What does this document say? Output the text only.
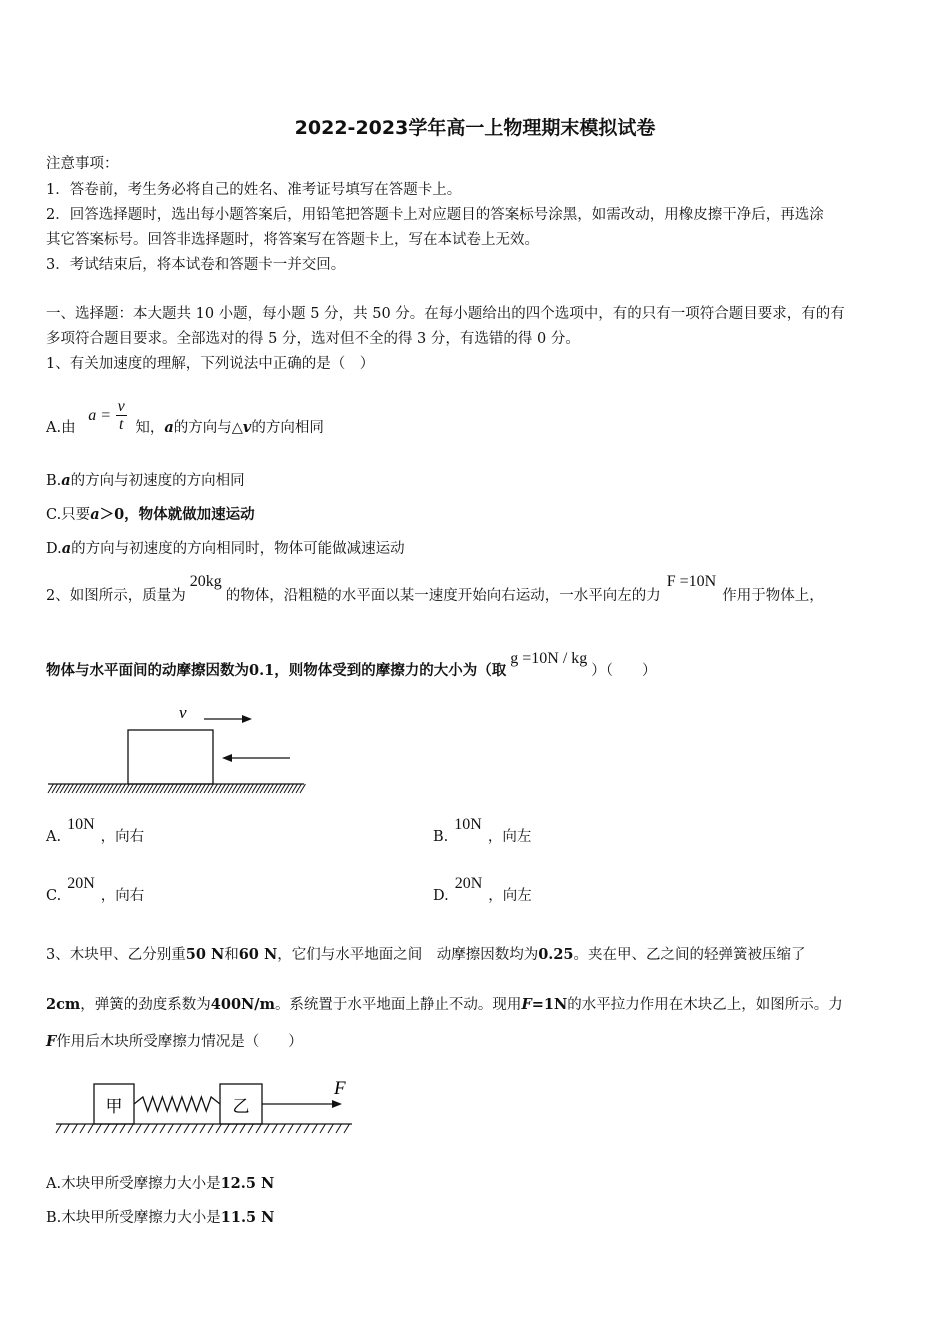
2022-2023学年高一上物理期末模拟试卷
注意事项：
1．答卷前，考生务必将自己的姓名、准考证号填写在答题卡上。
2．回答选择题时，选出每小题答案后，用铅笔把答题卡上对应题目的答案标号涂黑，如需改动，用橡皮擦干净后，再选涂
其它答案标号。回答非选择题时，将答案写在答题卡上，写在本试卷上无效。
3．考试结束后，将本试卷和答题卡一并交回。
一、选择题：本大题共 10 小题，每小题 5 分，共 50 分。在每小题给出的四个选项中，有的只有一项符合题目要求，有的有
多项符合题目要求。全部选对的得 5 分，选对但不全的得 3 分，有选错的得 0 分。
1、有关加速度的理解，下列说法中正确的是（　）
A.由 $a = \frac{v}{t}$ 知，a的方向与△v的方向相同
B.a的方向与初速度的方向相同
C.只要a＞0，物体就做加速运动
D.a的方向与初速度的方向相同时，物体可能做减速运动
2、如图所示，质量为20kg的物体，沿粗糙的水平面以某一速度开始向右运动，一水平向左的力F =10N作用于物体上，
物体与水平面间的动摩擦因数为0.1，则物体受到的摩擦力的大小为（取g =10N / kg）（　　）
v
A.10N，向右	B.10N，向左
C.20N，向右	D.20N，向左
3、木块甲、乙分别重50 N和60 N，它们与水平地面之间　动摩擦因数均为0.25。夹在甲、乙之间的轻弹簧被压缩了
2cm，弹簧的劲度系数为400N/m。系统置于水平地面上静止不动。现用F=1N的水平拉力作用在木块乙上，如图所示。力
F作用后木块所受摩擦力情况是（　　）
甲	乙
F
A.木块甲所受摩擦力大小是12.5 N
B.木块甲所受摩擦力大小是11.5 N
